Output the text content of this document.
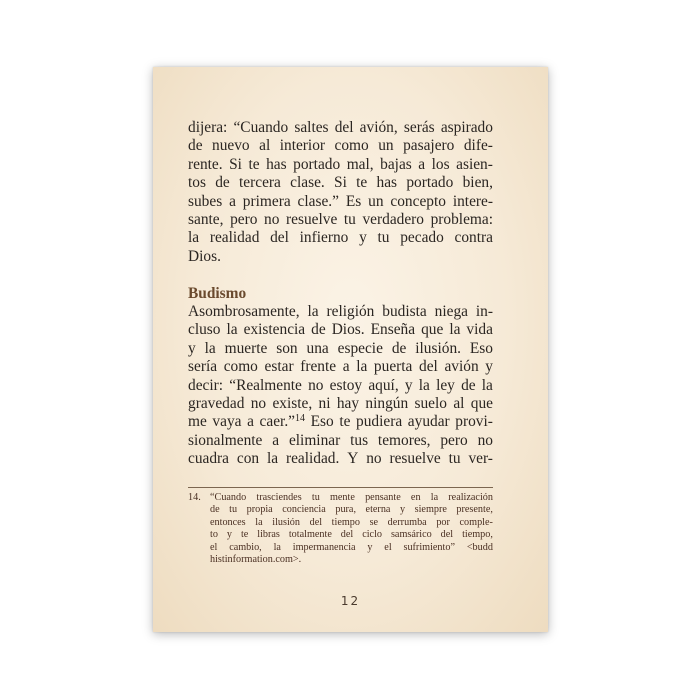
dijera: “Cuando saltes del avión, serás aspirado
de nuevo al interior como un pasajero dife-
rente. Si te has portado mal, bajas a los asien-
tos de tercera clase. Si te has portado bien,
subes a primera clase.” Es un concepto intere-
sante, pero no resuelve tu verdadero problema:
la realidad del infierno y tu pecado contra
Dios.
Budismo
Asombrosamente, la religión budista niega in-
cluso la existencia de Dios. Enseña que la vida
y la muerte son una especie de ilusión. Eso
sería como estar frente a la puerta del avión y
decir: “Realmente no estoy aquí, y la ley de la
gravedad no existe, ni hay ningún suelo al que
me vaya a caer.”$^{14}$ Eso te pudiera ayudar provi-
sionalmente a eliminar tus temores, pero no
cuadra con la realidad. Y no resuelve tu ver-
14. “Cuando trasciendes tu mente pensante en la realización
de tu propia conciencia pura, eterna y siempre presente,
entonces la ilusión del tiempo se derrumba por comple-
to y te libras totalmente del ciclo samsárico del tiempo,
el cambio, la impermanencia y el sufrimiento” <budd
histinformation.com>.
12
